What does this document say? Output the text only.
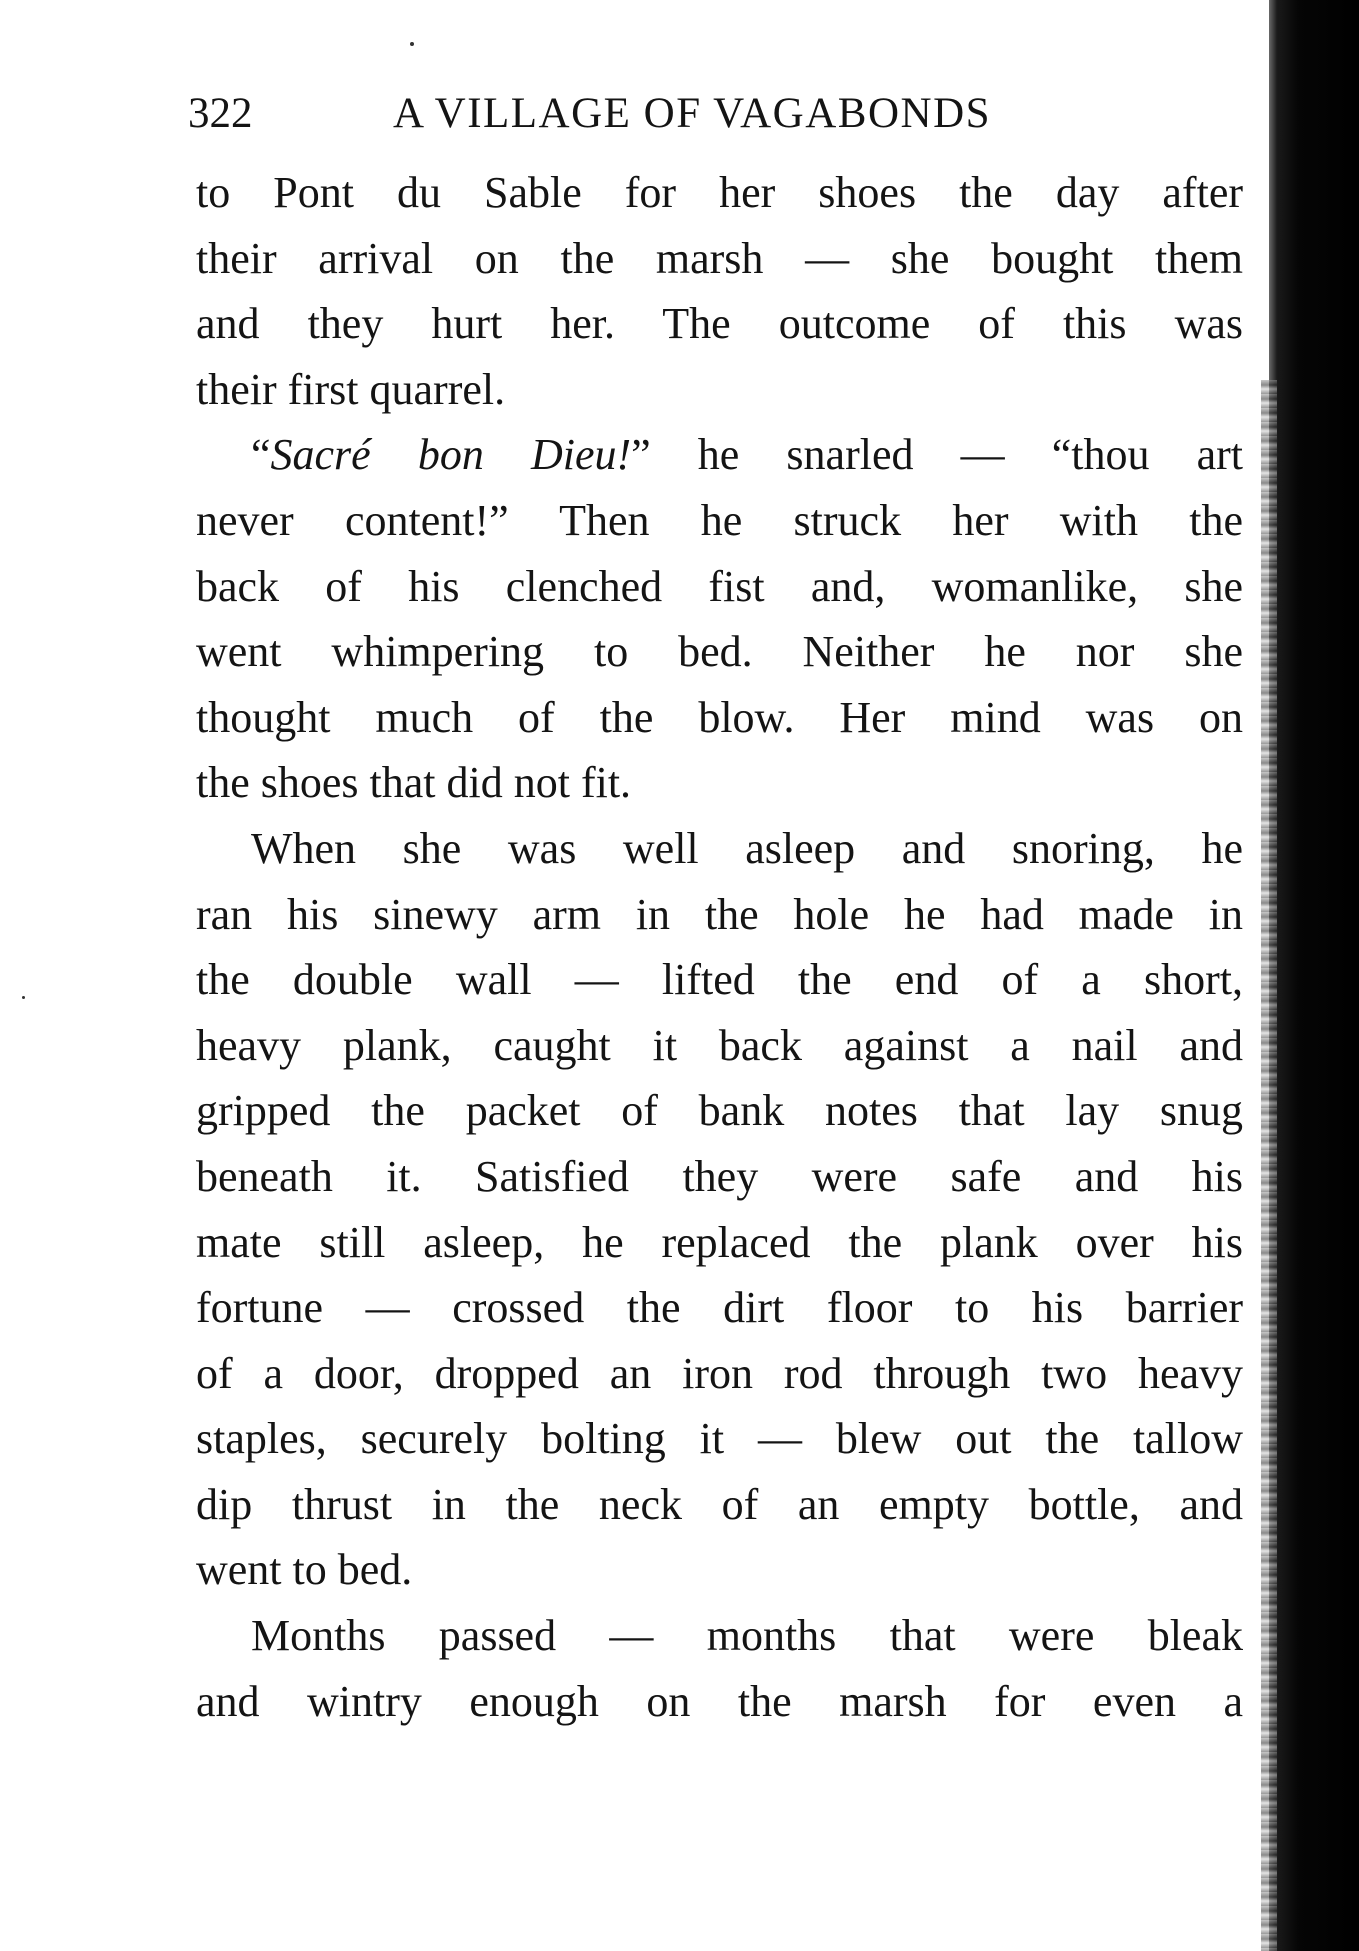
322	A VILLAGE OF VAGABONDS
to Pont du Sable for her shoes the day after
their arrival on the marsh — she bought them
and they hurt her. The outcome of this was
their first quarrel.
“Sacré bon Dieu!” he snarled — “thou art
never content!” Then he struck her with the
back of his clenched fist and, womanlike, she
went whimpering to bed. Neither he nor she
thought much of the blow. Her mind was on
the shoes that did not fit.
When she was well asleep and snoring, he
ran his sinewy arm in the hole he had made in
the double wall — lifted the end of a short,
heavy plank, caught it back against a nail and
gripped the packet of bank notes that lay snug
beneath it. Satisfied they were safe and his
mate still asleep, he replaced the plank over his
fortune — crossed the dirt floor to his barrier
of a door, dropped an iron rod through two heavy
staples, securely bolting it — blew out the tallow
dip thrust in the neck of an empty bottle, and
went to bed.
Months passed — months that were bleak
and wintry enough on the marsh for even a
